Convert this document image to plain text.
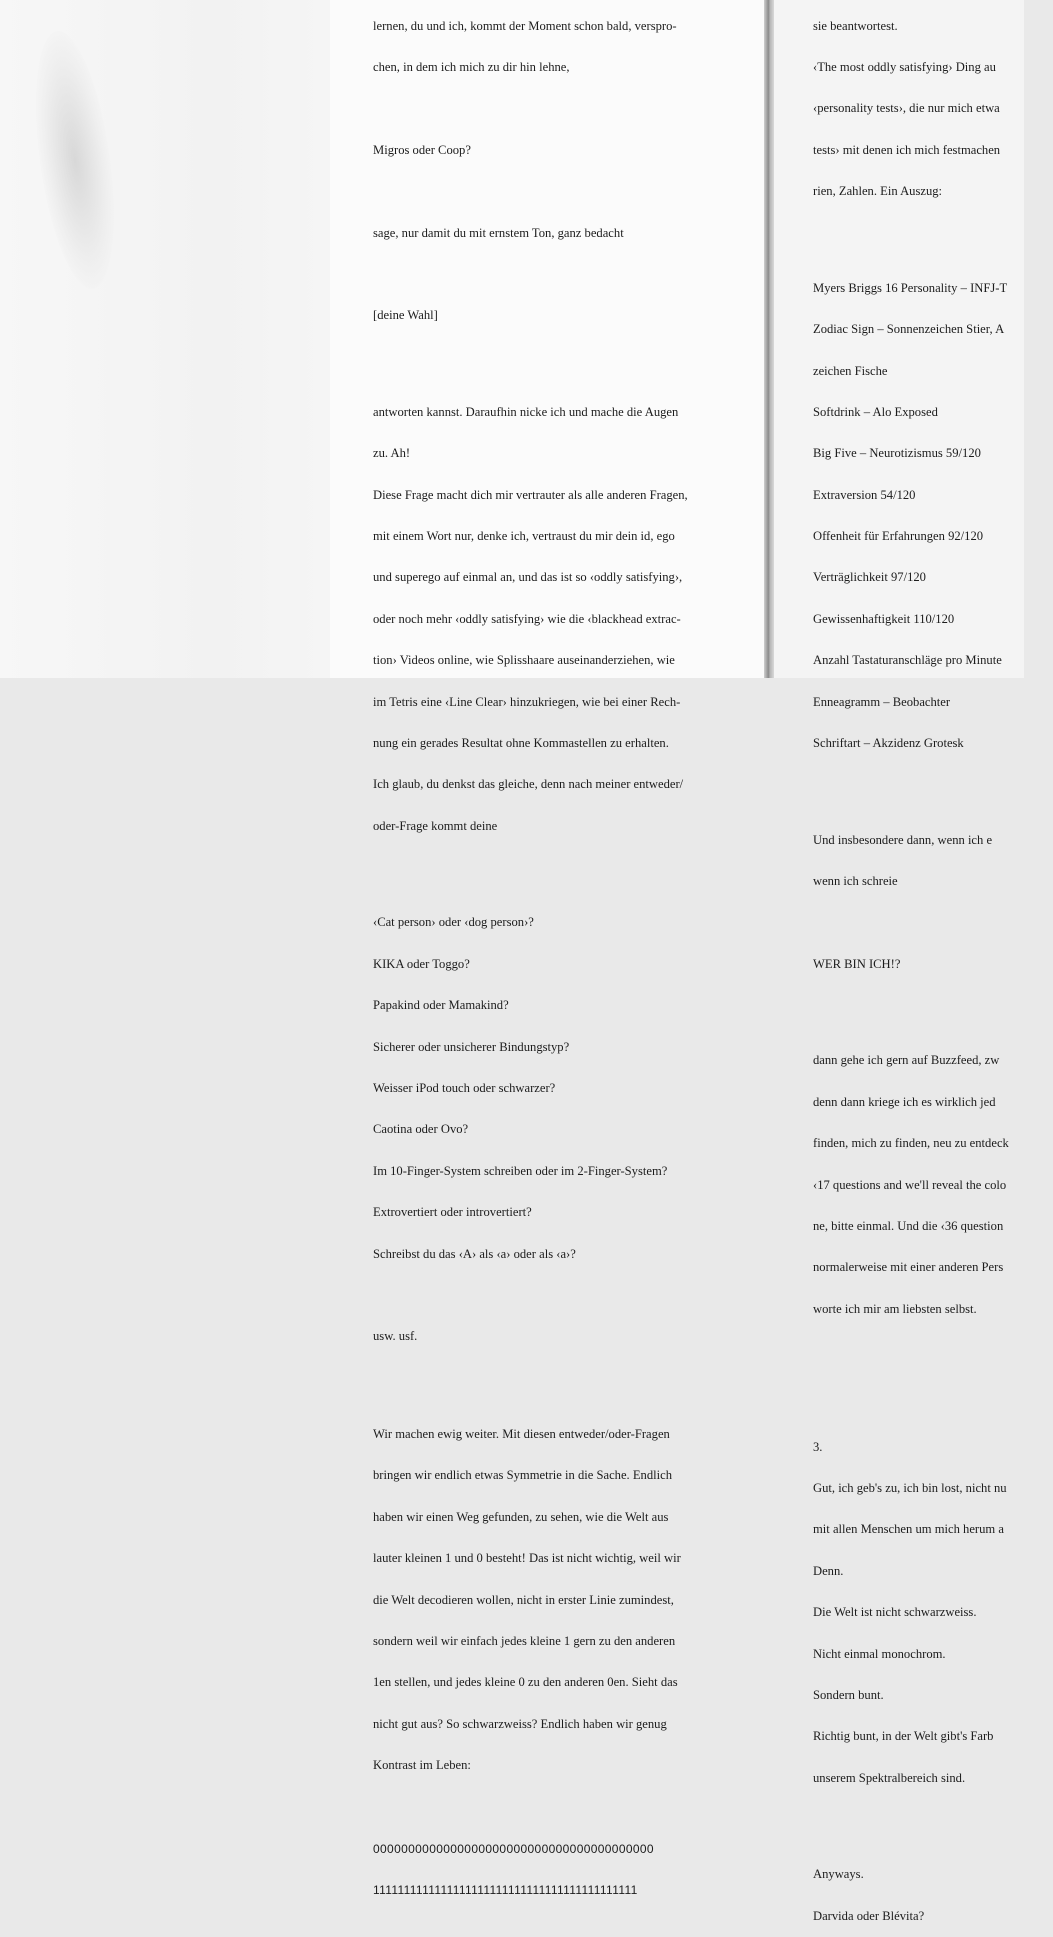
lernen, du und ich, kommt der Moment schon bald, verspro-

chen, in dem ich mich zu dir hin lehne,

Migros oder Coop?

sage, nur damit du mit ernstem Ton, ganz bedacht

[deine Wahl]

antworten kannst. Daraufhin nicke ich und mache die Augen

zu. Ah!

Diese Frage macht dich mir vertrauter als alle anderen Fragen,

mit einem Wort nur, denke ich, vertraust du mir dein id, ego

und superego auf einmal an, und das ist so ‹oddly satisfying›,

oder noch mehr ‹oddly satisfying› wie die ‹blackhead extrac-

tion› Videos online, wie Splisshaare auseinanderziehen, wie

im Tetris eine ‹Line Clear› hinzukriegen, wie bei einer Rech-

nung ein gerades Resultat ohne Kommastellen zu erhalten.

Ich glaub, du denkst das gleiche, denn nach meiner entweder/

oder-Frage kommt deine

‹Cat person› oder ‹dog person›?

KIKA oder Toggo?

Papakind oder Mamakind?

Sicherer oder unsicherer Bindungstyp?

Weisser iPod touch oder schwarzer?

Caotina oder Ovo?

Im 10-Finger-System schreiben oder im 2-Finger-System?

Extrovertiert oder introvertiert?

Schreibst du das ‹A› als ‹a› oder als ‹a›?

usw. usf.

Wir machen ewig weiter. Mit diesen entweder/oder-Fragen

bringen wir endlich etwas Symmetrie in die Sache. Endlich

haben wir einen Weg gefunden, zu sehen, wie die Welt aus

lauter kleinen 1 und 0 besteht! Das ist nicht wichtig, weil wir

die Welt decodieren wollen, nicht in erster Linie zumindest,

sondern weil wir einfach jedes kleine 1 gern zu den anderen

1en stellen, und jedes kleine 0 zu den anderen 0en. Sieht das

nicht gut aus? So schwarzweiss? Endlich haben wir genug

Kontrast im Leben:

0000000000000000000000000000000000000000

1111111111111111111111111111111111111111111

sie beantwortest.

‹The most oddly satisfying› Ding au

‹personality tests›, die nur mich etwa

tests› mit denen ich mich festmachen

rien, Zahlen. Ein Auszug:

Myers Briggs 16 Personality – INFJ-T

Zodiac Sign – Sonnenzeichen Stier, A

zeichen Fische

Softdrink – Alo Exposed

Big Five – Neurotizismus 59/120

Extraversion 54/120

Offenheit für Erfahrungen 92/120

Verträglichkeit 97/120

Gewissenhaftigkeit 110/120

Anzahl Tastaturanschläge pro Minute

Enneagramm – Beobachter

Schriftart – Akzidenz Grotesk

Und insbesondere dann, wenn ich e

wenn ich schreie

WER BIN ICH!?

dann gehe ich gern auf Buzzfeed, zw

denn dann kriege ich es wirklich jed

finden, mich zu finden, neu zu entdeck

‹17 questions and we'll reveal the colo

ne, bitte einmal. Und die ‹36 question

normalerweise mit einer anderen Pers

worte ich mir am liebsten selbst.

3.

Gut, ich geb's zu, ich bin lost, nicht nu

mit allen Menschen um mich herum a

Denn.

Die Welt ist nicht schwarzweiss.

Nicht einmal monochrom.

Sondern bunt.

Richtig bunt, in der Welt gibt's Farb

unserem Spektralbereich sind.

Anyways.

Darvida oder Blévita?
